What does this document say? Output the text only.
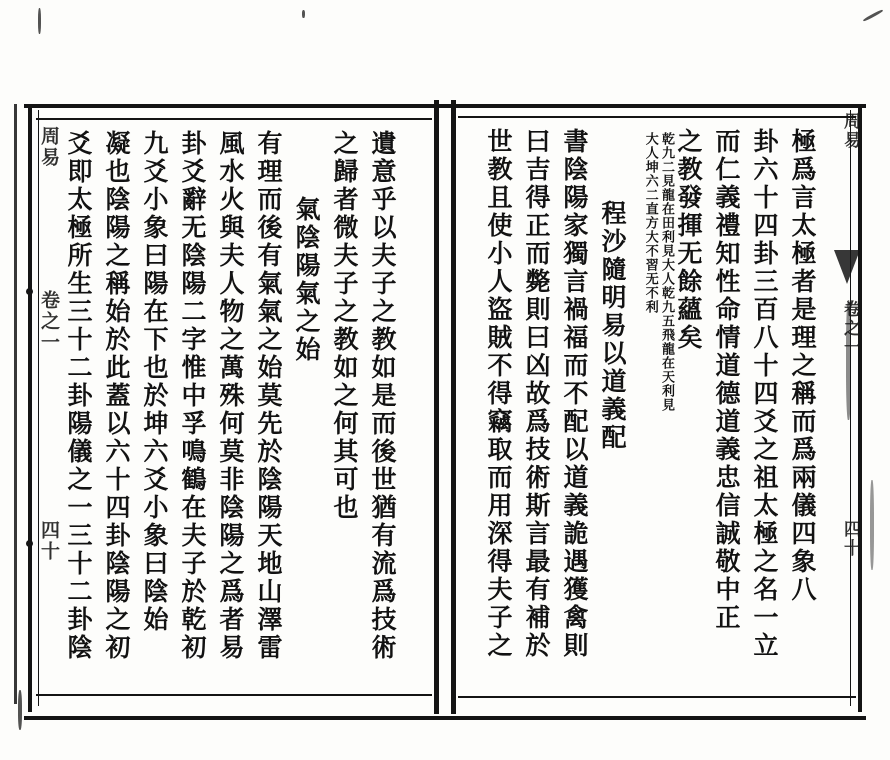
周易
卷之一
四十
周易
卷之一
四十	極爲言太極者是理之稱而爲兩儀四象八
卦六十四卦三百八十四爻之祖太極之名一立
而仁義禮知性命情道德道義忠信誠敬中正
之教發揮无餘蘊矣
乾九二見龍在田利見大人乾九五飛龍在天利見大人坤六二直方大不習无不利
程沙隨明易以道義配
書陰陽家獨言禍福而不配以道義詭遇獲禽則
曰吉得正而斃則曰凶故爲技術斯言最有補於
世教且使小人盜賊不得竊取而用深得夫子之
遺意乎以夫子之教如是而後世猶有流爲技術
之歸者微夫子之教如之何其可也
氣陰陽氣之始
有理而後有氣氣之始莫先於陰陽天地山澤雷
風水火與夫人物之萬殊何莫非陰陽之爲者易
卦爻辭无陰陽二字惟中孚鳴鶴在夫子於乾初
九爻小象曰陽在下也於坤六爻小象曰陰始
凝也陰陽之稱始於此蓋以六十四卦陰陽之初
爻即太極所生三十二卦陽儀之一三十二卦陰
